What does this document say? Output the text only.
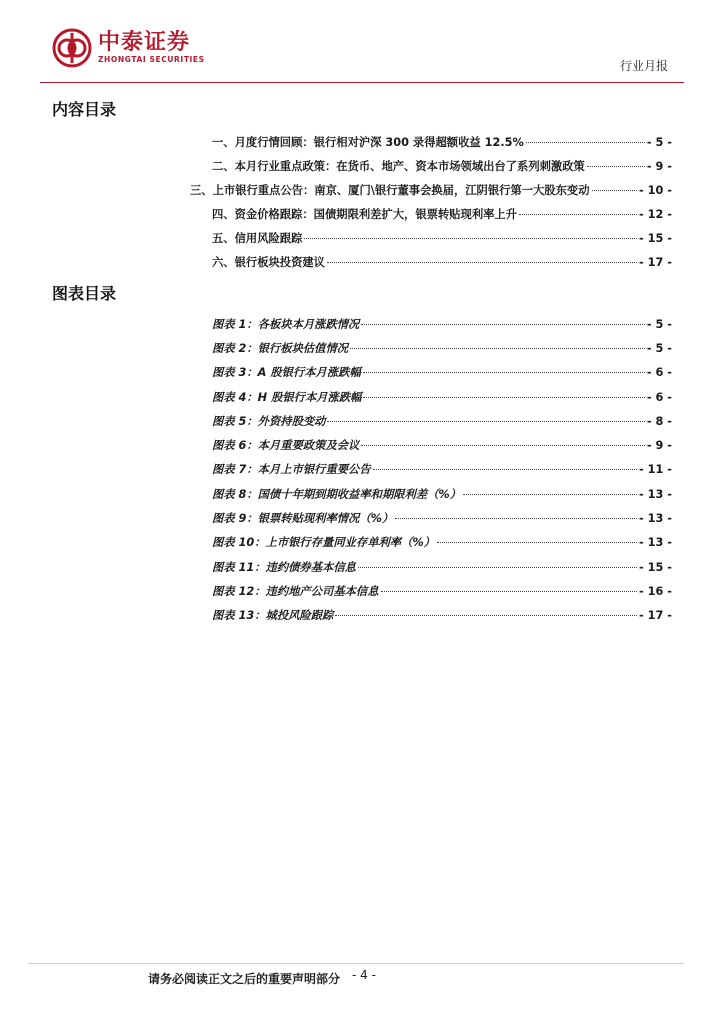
中泰证券
ZHONGTAI SECURITIES	行业月报
内容目录
一、月度行情回顾：银行相对沪深 300 录得超额收益 12.5%	- 5 -
二、本月行业重点政策：在货币、地产、资本市场领域出台了系列刺激政策	- 9 -
三、上市银行重点公告：南京、厦门\银行董事会换届，江阴银行第一大股东变动	- 10 -
四、资金价格跟踪：国债期限利差扩大，银票转贴现利率上升	- 12 -
五、信用风险跟踪	- 15 -
六、银行板块投资建议	- 17 -
图表目录
图表 1：各板块本月涨跌情况	- 5 -
图表 2：银行板块估值情况	- 5 -
图表 3：A 股银行本月涨跌幅	- 6 -
图表 4：H 股银行本月涨跌幅	- 6 -
图表 5：外资持股变动	- 8 -
图表 6：本月重要政策及会议	- 9 -
图表 7：本月上市银行重要公告	- 11 -
图表 8：国债十年期到期收益率和期限利差（%）	- 13 -
图表 9：银票转贴现利率情况（%）	- 13 -
图表 10：上市银行存量同业存单利率（%）	- 13 -
图表 11：违约债券基本信息	- 15 -
图表 12：违约地产公司基本信息	- 16 -
图表 13：城投风险跟踪	- 17 -
请务必阅读正文之后的重要声明部分 - 4 -
